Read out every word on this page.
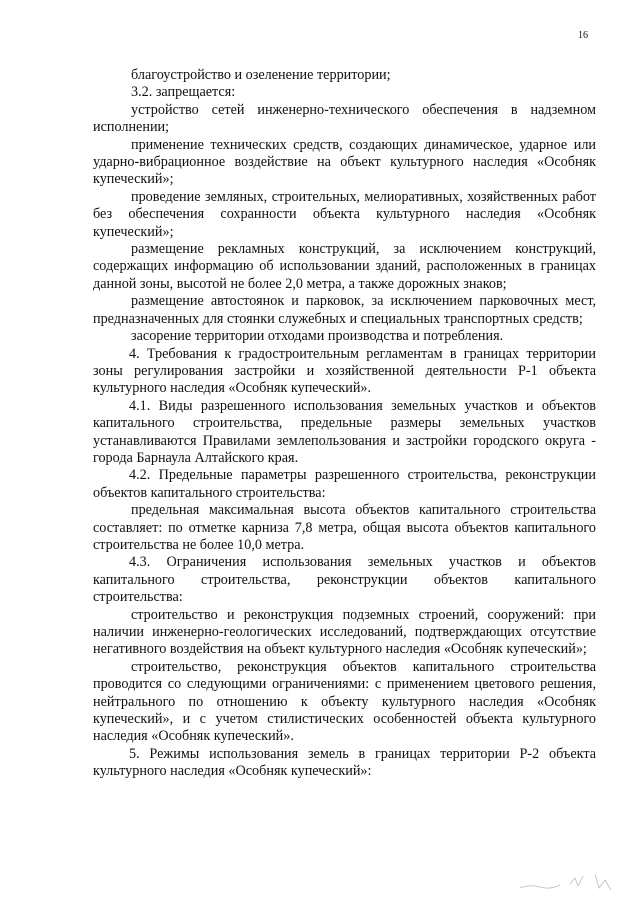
16

благоустройство и озеленение территории;

3.2. запрещается:

устройство сетей инженерно-технического обеспечения в надземном исполнении;

применение технических средств, создающих динамическое, ударное или ударно-вибрационное воздействие на объект культурного наследия «Особняк купеческий»;

проведение земляных, строительных, мелиоративных, хозяйственных работ без обеспечения сохранности объекта культурного наследия «Особняк купеческий»;

размещение рекламных конструкций, за исключением конструкций, содержащих информацию об использовании зданий, расположенных в границах данной зоны, высотой не более 2,0 метра, а также дорожных знаков;

размещение автостоянок и парковок, за исключением парковочных мест, предназначенных для стоянки служебных и специальных транспортных средств;

засорение территории отходами производства и потребления.

4. Требования к градостроительным регламентам в границах территории зоны регулирования застройки и хозяйственной деятельности Р-1 объекта культурного наследия «Особняк купеческий».

4.1. Виды разрешенного использования земельных участков и объектов капитального строительства, предельные размеры земельных участков устанавливаются Правилами землепользования и застройки городского округа - города Барнаула Алтайского края.

4.2. Предельные параметры разрешенного строительства, реконструкции объектов капитального строительства:

предельная максимальная высота объектов капитального строительства составляет: по отметке карниза 7,8 метра, общая высота объектов капитального строительства не более 10,0 метра.

4.3. Ограничения использования земельных участков и объектов капитального строительства, реконструкции объектов капитального строительства:

строительство и реконструкция подземных строений, сооружений: при наличии инженерно-геологических исследований, подтверждающих отсутствие негативного воздействия на объект культурного наследия «Особняк купеческий»;

строительство, реконструкция объектов капитального строительства проводится со следующими ограничениями: с применением цветового решения, нейтрального по отношению к объекту культурного наследия «Особняк купеческий», и с учетом стилистических особенностей объекта культурного наследия «Особняк купеческий».

5. Режимы использования земель в границах территории Р-2 объекта культурного наследия «Особняк купеческий»:
